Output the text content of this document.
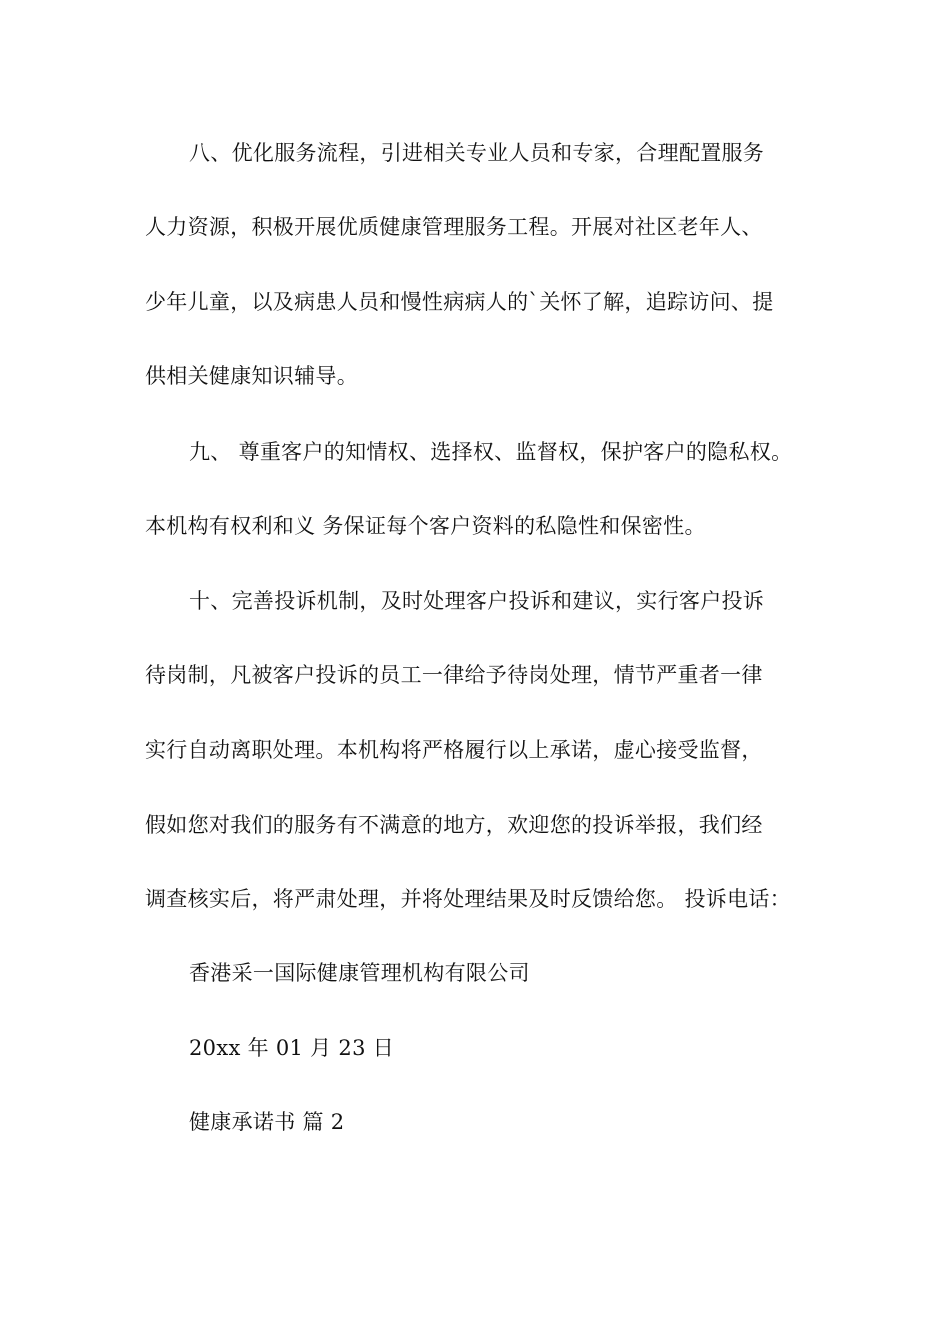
八、优化服务流程，引进相关专业人员和专家，合理配置服务
人力资源，积极开展优质健康管理服务工程。开展对社区老年人、
少年儿童，以及病患人员和慢性病病人的`关怀了解，追踪访问、提
供相关健康知识辅导。
九、 尊重客户的知情权、选择权、监督权，保护客户的隐私权。
本机构有权利和义 务保证每个客户资料的私隐性和保密性。
十、完善投诉机制，及时处理客户投诉和建议，实行客户投诉
待岗制，凡被客户投诉的员工一律给予待岗处理，情节严重者一律
实行自动离职处理。本机构将严格履行以上承诺，虚心接受监督，
假如您对我们的服务有不满意的地方，欢迎您的投诉举报，我们经
调查核实后，将严肃处理，并将处理结果及时反馈给您。 投诉电话：
香港采一国际健康管理机构有限公司
20xx 年 01 月 23 日
健康承诺书 篇 2
